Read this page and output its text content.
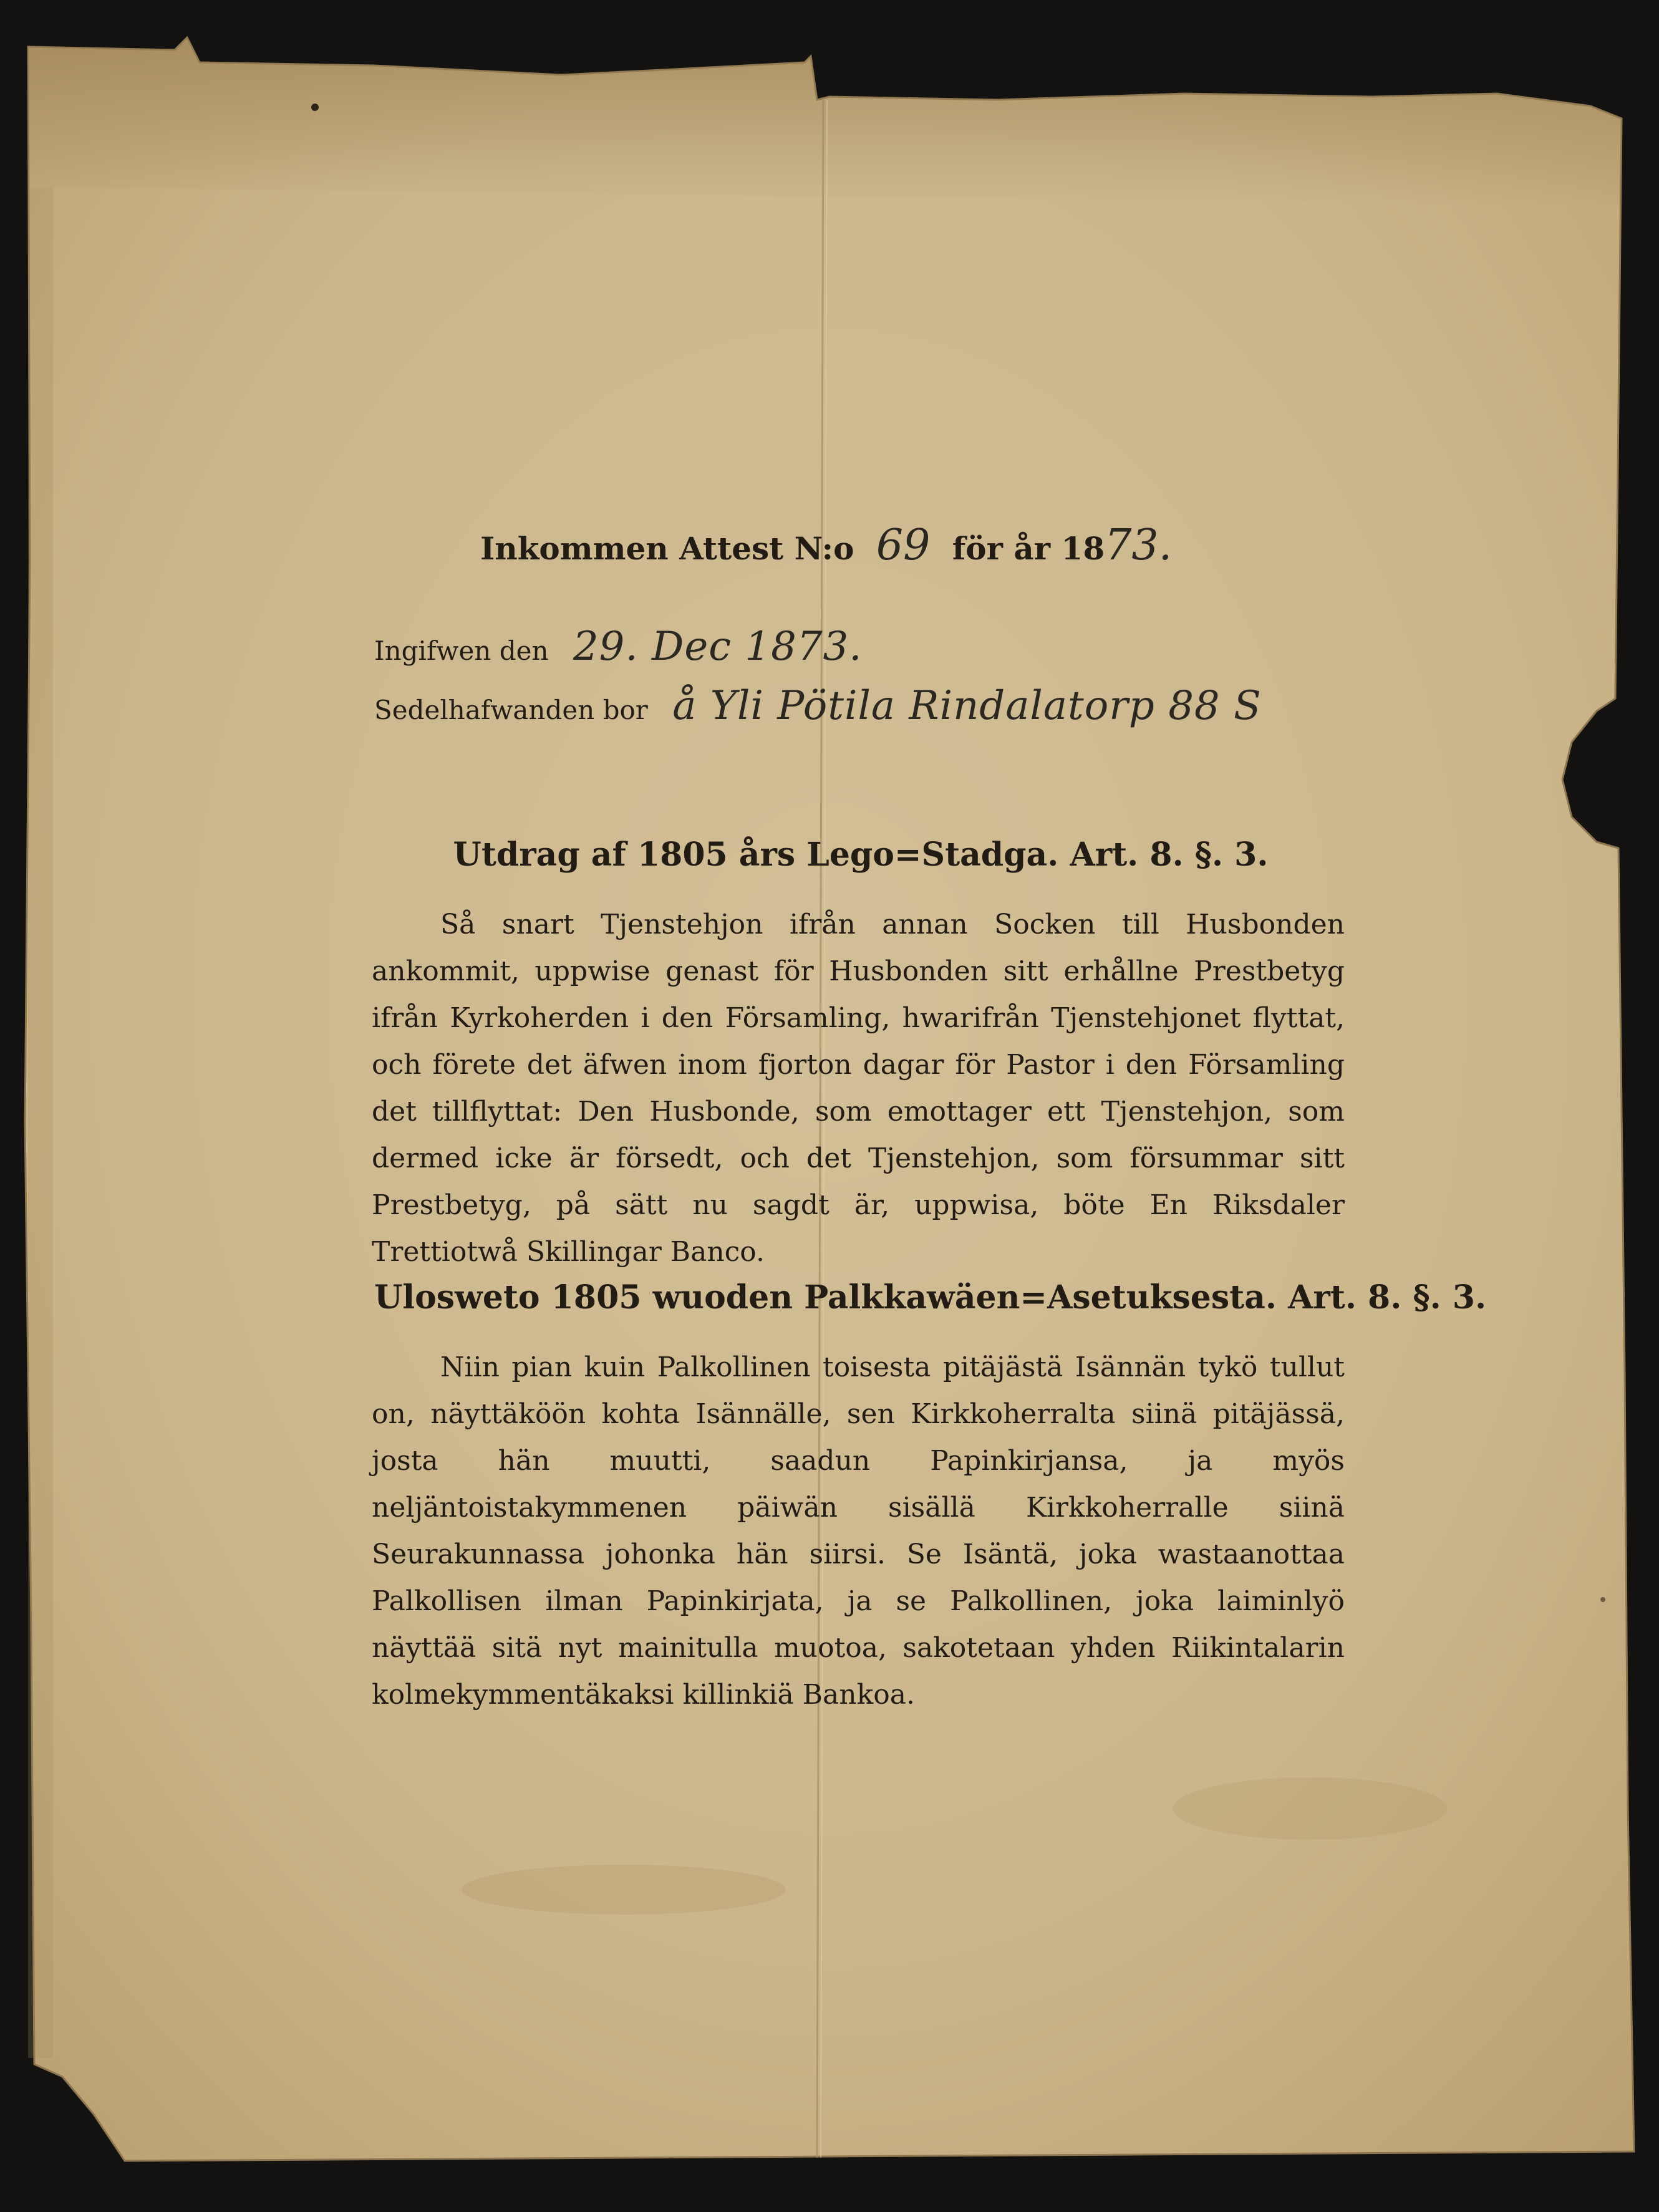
Inkommen Attest N:o 69 för år 1873.
Ingifwen den 29. Dec 1873.
Sedelhafwanden bor å Yli Pötila Rindalatorp 88 S
Utdrag af 1805 års Lego=Stadga. Art. 8. §. 3.
Så snart Tjenstehjon ifrån annan Socken till Husbonden ankommit, uppwise genast för Husbonden sitt erhållne Prestbetyg ifrån Kyrkoherden i den Församling, hwarifrån Tjenstehjonet flyttat, och förete det äfwen inom fjorton dagar för Pastor i den Församling det tillflyttat: Den Husbonde, som emottager ett Tjenstehjon, som dermed icke är försedt, och det Tjenstehjon, som försummar sitt Prestbetyg, på sätt nu sagdt är, uppwisa, böte En Riksdaler Trettiotwå Skillingar Banco.
Ulosweto 1805 wuoden Palkkawäen=Asetuksesta. Art. 8. §. 3.
Niin pian kuin Palkollinen toisesta pitäjästä Isännän tykö tullut on, näyttäköön kohta Isännälle, sen Kirkkoherralta siinä pitäjässä, josta hän muutti, saadun Papinkirjansa, ja myös neljäntoistakymmenen päiwän sisällä Kirkkoherralle siinä Seurakunnassa johonka hän siirsi. Se Isäntä, joka wastaanottaa Palkollisen ilman Papinkirjata, ja se Palkollinen, joka laiminlyö näyttää sitä nyt mainitulla muotoa, sakotetaan yhden Riikintalarin kolmekymmentäkaksi killinkiä Bankoa.
